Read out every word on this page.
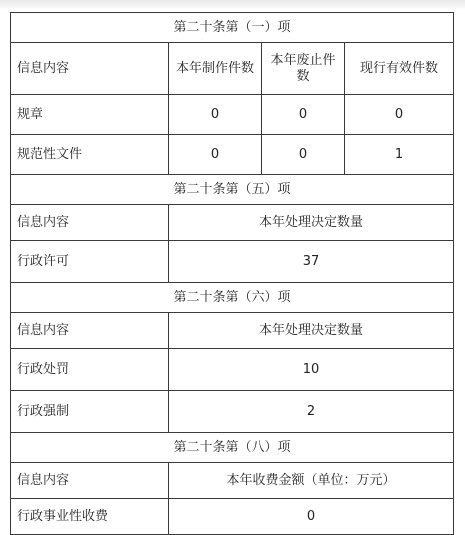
第二十条第（一）项			
信息内容	本年制作件数	本年废止件数	现行有效件数
规章	0	0	0
规范性文件	0	0	1
第二十条第（五）项			
信息内容	本年处理决定数量		
行政许可	37		
第二十条第（六）项			
信息内容	本年处理决定数量		
行政处罚	10		
行政强制	2		
第二十条第（八）项			
信息内容	本年收费金额（单位：万元）		
行政事业性收费	0		
